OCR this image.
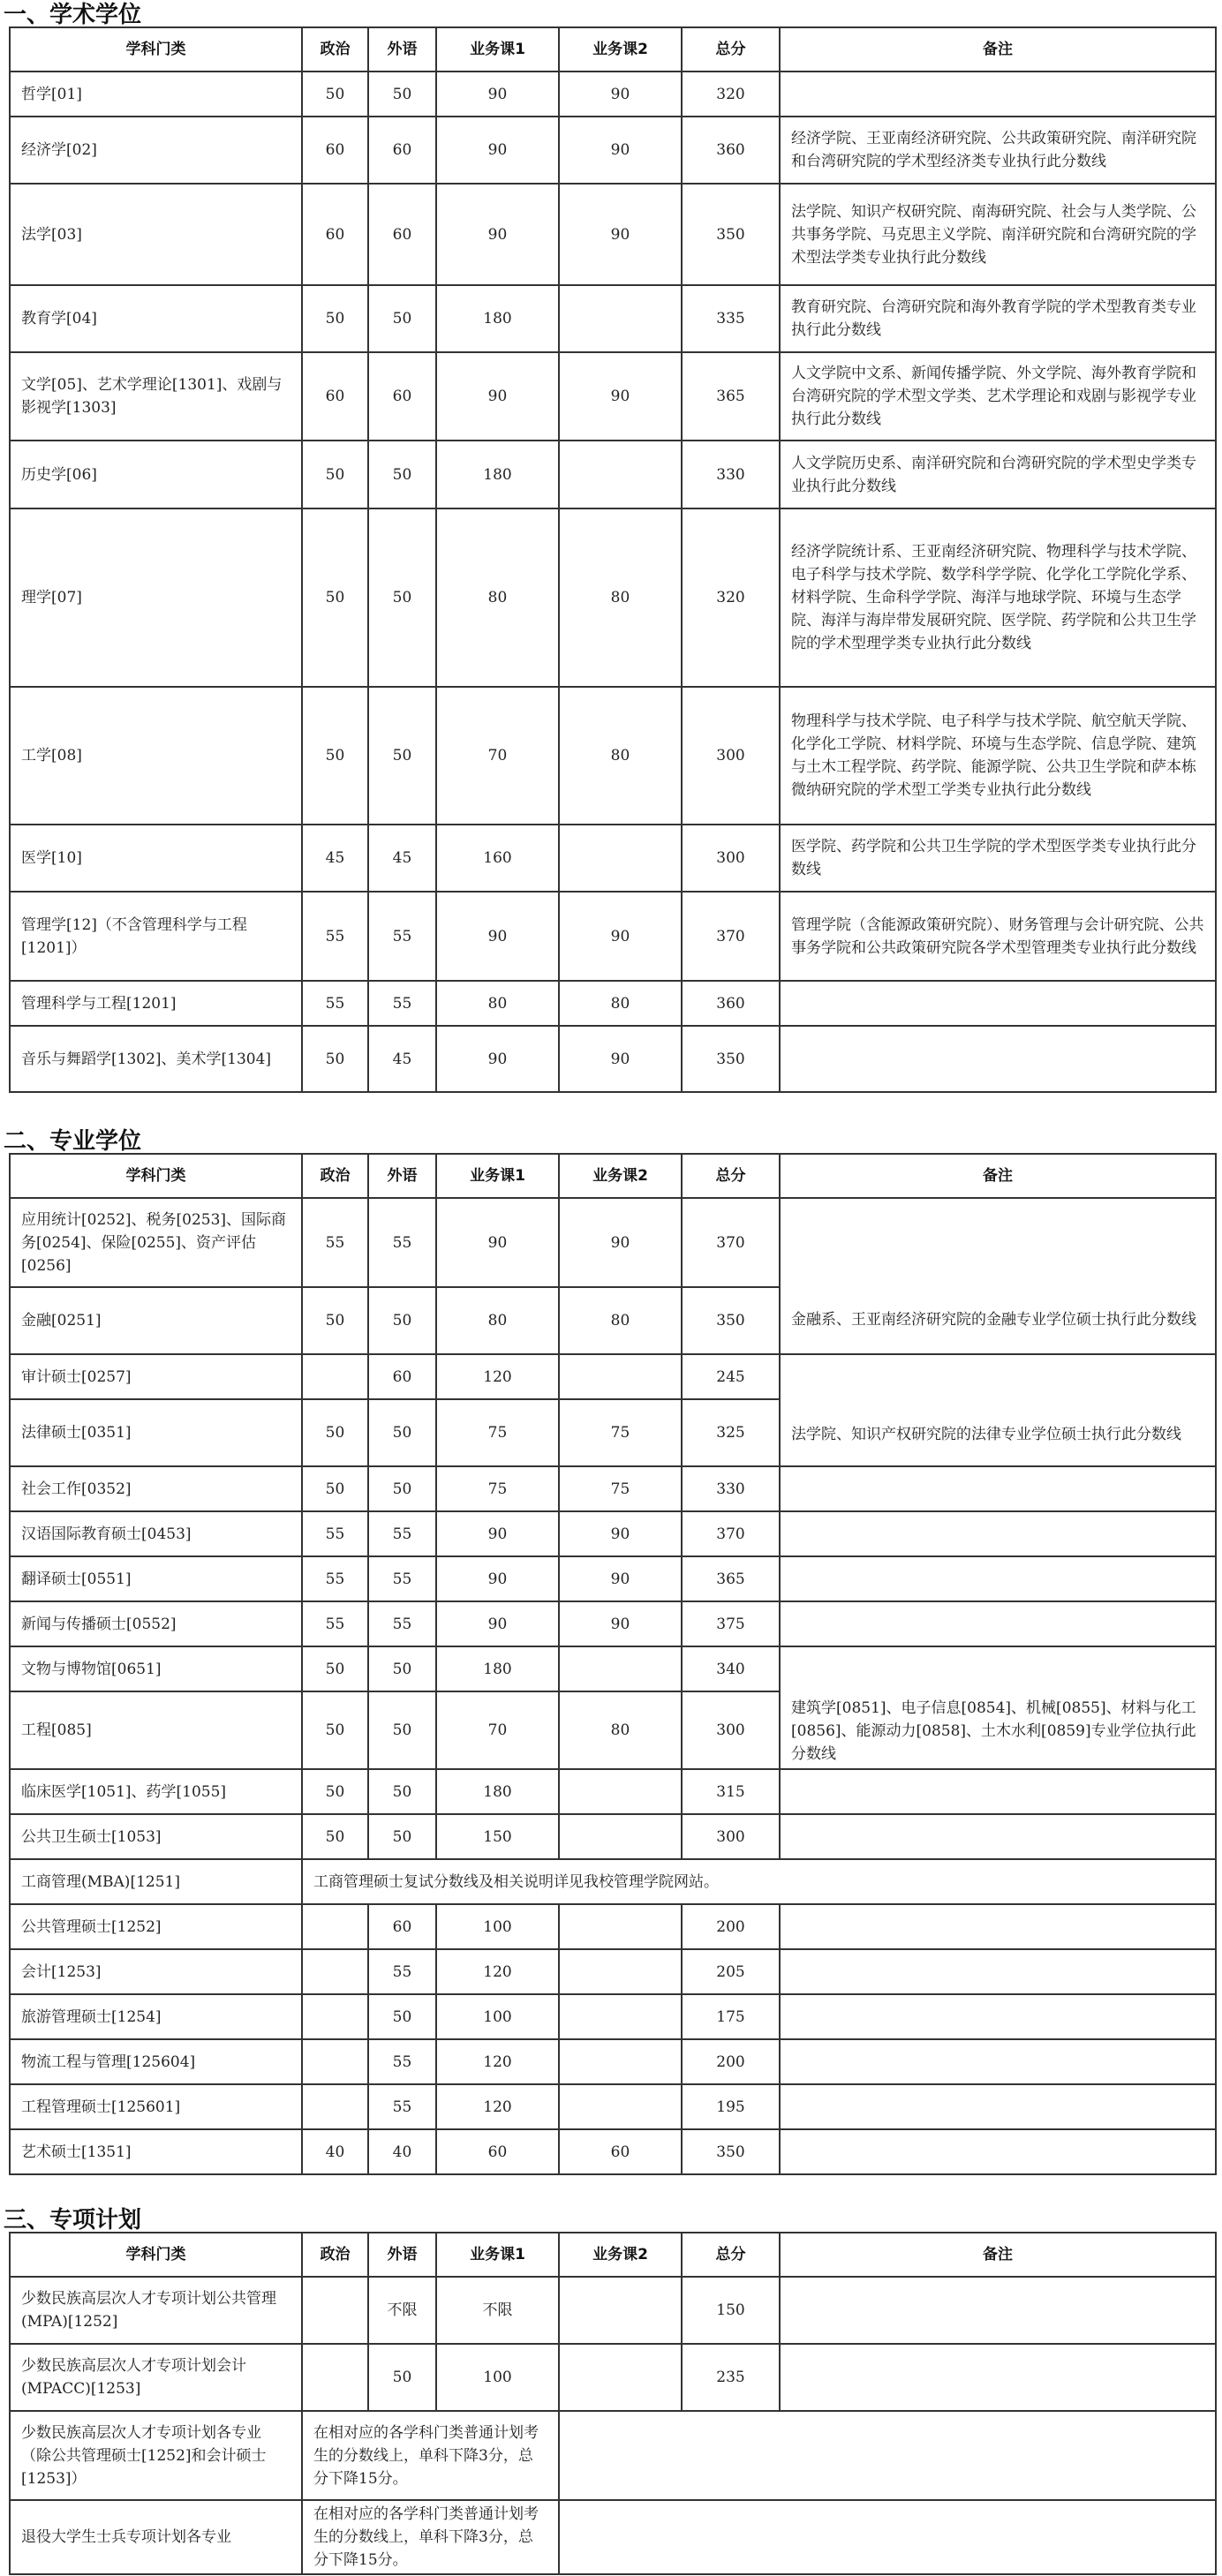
一、学术学位
学科门类	政治	外语	业务课1	业务课2	总分	备注
哲学[01]	50	50	90	90	320	
经济学[02]	60	60	90	90	360	经济学院、王亚南经济研究院、公共政策研究院、南洋研究院和台湾研究院的学术型经济类专业执行此分数线
法学[03]	60	60	90	90	350	法学院、知识产权研究院、南海研究院、社会与人类学院、公共事务学院、马克思主义学院、南洋研究院和台湾研究院的学术型法学类专业执行此分数线
教育学[04]	50	50	180		335	教育研究院、台湾研究院和海外教育学院的学术型教育类专业执行此分数线
文学[05]、艺术学理论[1301]、戏剧与影视学[1303]	60	60	90	90	365	人文学院中文系、新闻传播学院、外文学院、海外教育学院和台湾研究院的学术型文学类、艺术学理论和戏剧与影视学专业执行此分数线
历史学[06]	50	50	180		330	人文学院历史系、南洋研究院和台湾研究院的学术型史学类专业执行此分数线
理学[07]	50	50	80	80	320	经济学院统计系、王亚南经济研究院、物理科学与技术学院、电子科学与技术学院、数学科学学院、化学化工学院化学系、材料学院、生命科学学院、海洋与地球学院、环境与生态学院、海洋与海岸带发展研究院、医学院、药学院和公共卫生学院的学术型理学类专业执行此分数线
工学[08]	50	50	70	80	300	物理科学与技术学院、电子科学与技术学院、航空航天学院、化学化工学院、材料学院、环境与生态学院、信息学院、建筑与土木工程学院、药学院、能源学院、公共卫生学院和萨本栋微纳研究院的学术型工学类专业执行此分数线
医学[10]	45	45	160		300	医学院、药学院和公共卫生学院的学术型医学类专业执行此分数线
管理学[12]（不含管理科学与工程[1201]）	55	55	90	90	370	管理学院（含能源政策研究院）、财务管理与会计研究院、公共事务学院和公共政策研究院各学术型管理类专业执行此分数线
管理科学与工程[1201]	55	55	80	80	360	
音乐与舞蹈学[1302]、美术学[1304]	50	45	90	90	350	
二、专业学位
学科门类	政治	外语	业务课1	业务课2	总分	备注
应用统计[0252]、税务[0253]、国际商务[0254]、保险[0255]、资产评估[0256]	55	55	90	90	370	金融系、王亚南经济研究院的金融专业学位硕士执行此分数线
金融[0251]	50	50	80	80	350	
审计硕士[0257]		60	120		245	法学院、知识产权研究院的法律专业学位硕士执行此分数线
法律硕士[0351]	50	50	75	75	325	
社会工作[0352]	50	50	75	75	330	
汉语国际教育硕士[0453]	55	55	90	90	370	
翻译硕士[0551]	55	55	90	90	365	
新闻与传播硕士[0552]	55	55	90	90	375	
文物与博物馆[0651]	50	50	180		340	建筑学[0851]、电子信息[0854]、机械[0855]、材料与化工[0856]、能源动力[0858]、土木水利[0859]专业学位执行此分数线
工程[085]	50	50	70	80	300	
临床医学[1051]、药学[1055]	50	50	180		315	
公共卫生硕士[1053]	50	50	150		300	
工商管理(MBA)[1251]	工商管理硕士复试分数线及相关说明详见我校管理学院网站。					
公共管理硕士[1252]		60	100		200	
会计[1253]		55	120		205	
旅游管理硕士[1254]		50	100		175	
物流工程与管理[125604]		55	120		200	
工程管理硕士[125601]		55	120		195	
艺术硕士[1351]	40	40	60	60	350	
三、专项计划
学科门类	政治	外语	业务课1	业务课2	总分	备注
少数民族高层次人才专项计划公共管理(MPA)[1252]		不限	不限		150	
少数民族高层次人才专项计划会计(MPACC)[1253]		50	100		235	
少数民族高层次人才专项计划各专业（除公共管理硕士[1252]和会计硕士[1253]）	在相对应的各学科门类普通计划考生的分数线上，单科下降3分，总分下降15分。					
退役大学生士兵专项计划各专业	在相对应的各学科门类普通计划考生的分数线上，单科下降3分，总分下降15分。					
